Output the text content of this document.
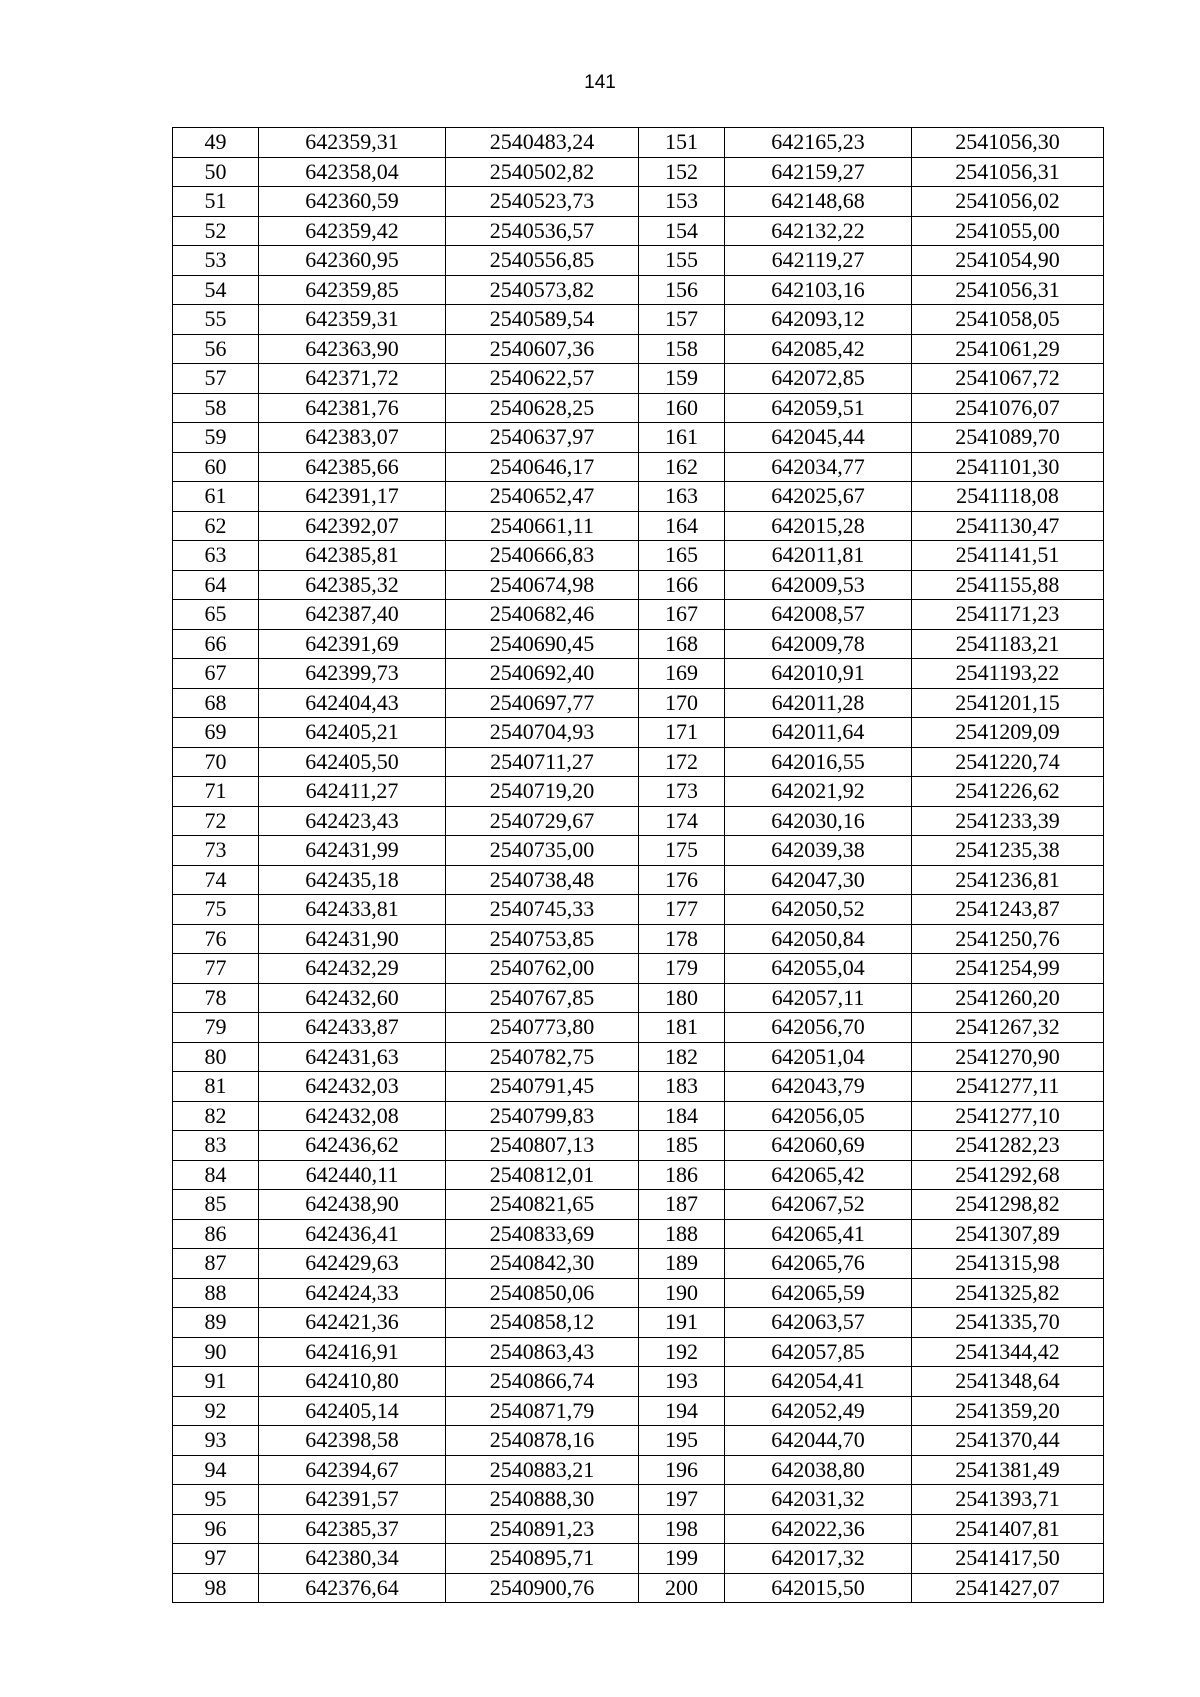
141
49	642359,31	2540483,24	151	642165,23	2541056,30
50	642358,04	2540502,82	152	642159,27	2541056,31
51	642360,59	2540523,73	153	642148,68	2541056,02
52	642359,42	2540536,57	154	642132,22	2541055,00
53	642360,95	2540556,85	155	642119,27	2541054,90
54	642359,85	2540573,82	156	642103,16	2541056,31
55	642359,31	2540589,54	157	642093,12	2541058,05
56	642363,90	2540607,36	158	642085,42	2541061,29
57	642371,72	2540622,57	159	642072,85	2541067,72
58	642381,76	2540628,25	160	642059,51	2541076,07
59	642383,07	2540637,97	161	642045,44	2541089,70
60	642385,66	2540646,17	162	642034,77	2541101,30
61	642391,17	2540652,47	163	642025,67	2541118,08
62	642392,07	2540661,11	164	642015,28	2541130,47
63	642385,81	2540666,83	165	642011,81	2541141,51
64	642385,32	2540674,98	166	642009,53	2541155,88
65	642387,40	2540682,46	167	642008,57	2541171,23
66	642391,69	2540690,45	168	642009,78	2541183,21
67	642399,73	2540692,40	169	642010,91	2541193,22
68	642404,43	2540697,77	170	642011,28	2541201,15
69	642405,21	2540704,93	171	642011,64	2541209,09
70	642405,50	2540711,27	172	642016,55	2541220,74
71	642411,27	2540719,20	173	642021,92	2541226,62
72	642423,43	2540729,67	174	642030,16	2541233,39
73	642431,99	2540735,00	175	642039,38	2541235,38
74	642435,18	2540738,48	176	642047,30	2541236,81
75	642433,81	2540745,33	177	642050,52	2541243,87
76	642431,90	2540753,85	178	642050,84	2541250,76
77	642432,29	2540762,00	179	642055,04	2541254,99
78	642432,60	2540767,85	180	642057,11	2541260,20
79	642433,87	2540773,80	181	642056,70	2541267,32
80	642431,63	2540782,75	182	642051,04	2541270,90
81	642432,03	2540791,45	183	642043,79	2541277,11
82	642432,08	2540799,83	184	642056,05	2541277,10
83	642436,62	2540807,13	185	642060,69	2541282,23
84	642440,11	2540812,01	186	642065,42	2541292,68
85	642438,90	2540821,65	187	642067,52	2541298,82
86	642436,41	2540833,69	188	642065,41	2541307,89
87	642429,63	2540842,30	189	642065,76	2541315,98
88	642424,33	2540850,06	190	642065,59	2541325,82
89	642421,36	2540858,12	191	642063,57	2541335,70
90	642416,91	2540863,43	192	642057,85	2541344,42
91	642410,80	2540866,74	193	642054,41	2541348,64
92	642405,14	2540871,79	194	642052,49	2541359,20
93	642398,58	2540878,16	195	642044,70	2541370,44
94	642394,67	2540883,21	196	642038,80	2541381,49
95	642391,57	2540888,30	197	642031,32	2541393,71
96	642385,37	2540891,23	198	642022,36	2541407,81
97	642380,34	2540895,71	199	642017,32	2541417,50
98	642376,64	2540900,76	200	642015,50	2541427,07
